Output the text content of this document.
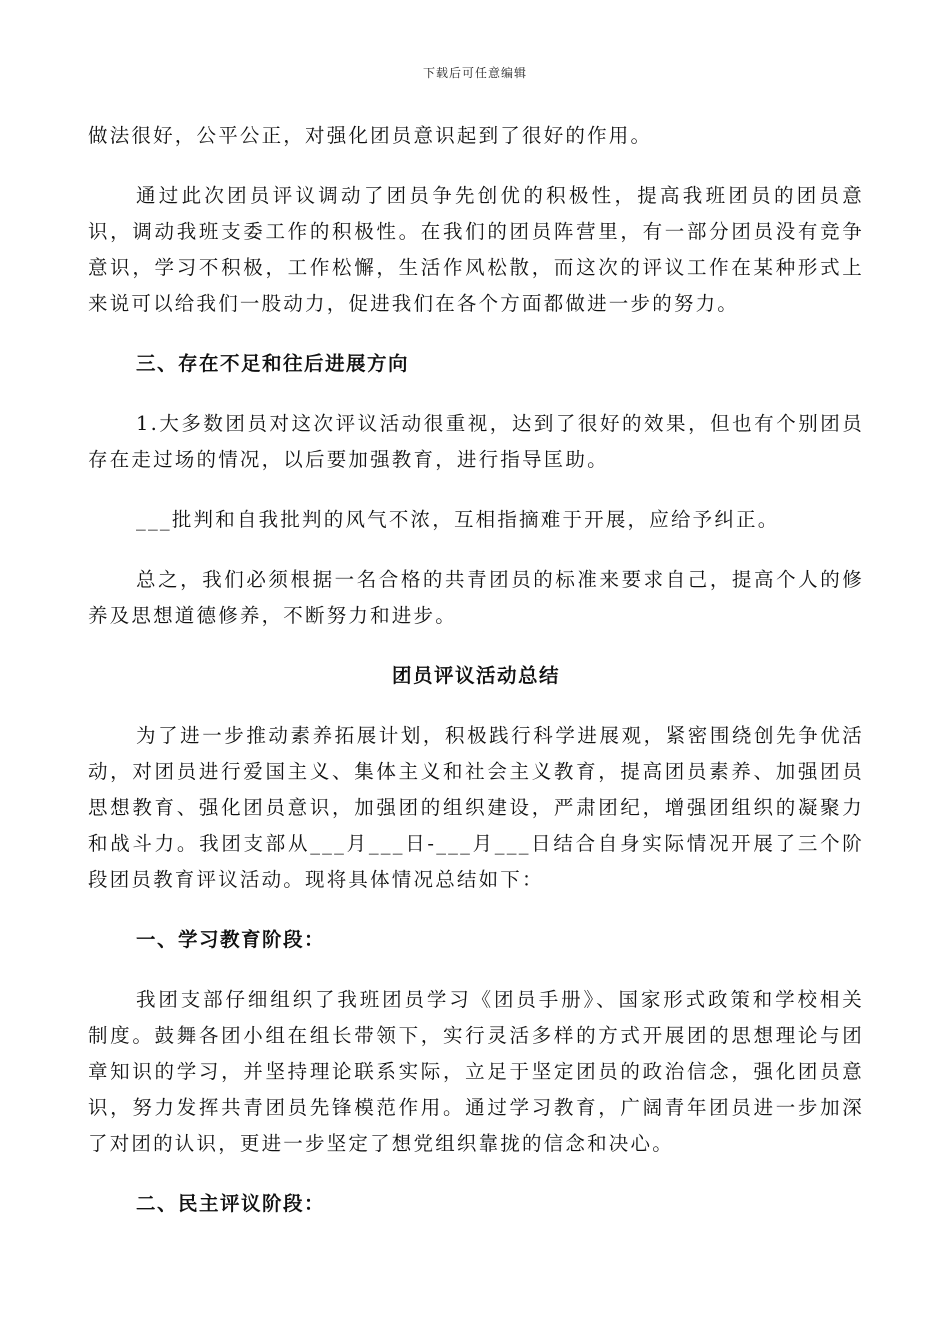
下载后可任意编辑

做法很好，公平公正，对强化团员意识起到了很好的作用。

通过此次团员评议调动了团员争先创优的积极性，提高我班团员的团员意识，调动我班支委工作的积极性。在我们的团员阵营里，有一部分团员没有竞争意识，学习不积极，工作松懈，生活作风松散，而这次的评议工作在某种形式上来说可以给我们一股动力，促进我们在各个方面都做进一步的努力。

三、存在不足和往后进展方向

1.大多数团员对这次评议活动很重视，达到了很好的效果，但也有个别团员存在走过场的情况，以后要加强教育，进行指导匡助。

___批判和自我批判的风气不浓，互相指摘难于开展，应给予纠正。

总之，我们必须根据一名合格的共青团员的标准来要求自己，提高个人的修养及思想道德修养，不断努力和进步。

团员评议活动总结

为了进一步推动素养拓展计划，积极践行科学进展观，紧密围绕创先争优活动，对团员进行爱国主义、集体主义和社会主义教育，提高团员素养、加强团员思想教育、强化团员意识，加强团的组织建设，严肃团纪，增强团组织的凝聚力和战斗力。我团支部从___月___日-___月___日结合自身实际情况开展了三个阶段团员教育评议活动。现将具体情况总结如下：

一、学习教育阶段：

我团支部仔细组织了我班团员学习《团员手册》、国家形式政策和学校相关制度。鼓舞各团小组在组长带领下，实行灵活多样的方式开展团的思想理论与团章知识的学习，并坚持理论联系实际，立足于坚定团员的政治信念，强化团员意识，努力发挥共青团员先锋模范作用。通过学习教育，广阔青年团员进一步加深了对团的认识，更进一步坚定了想党组织靠拢的信念和决心。

二、民主评议阶段：
